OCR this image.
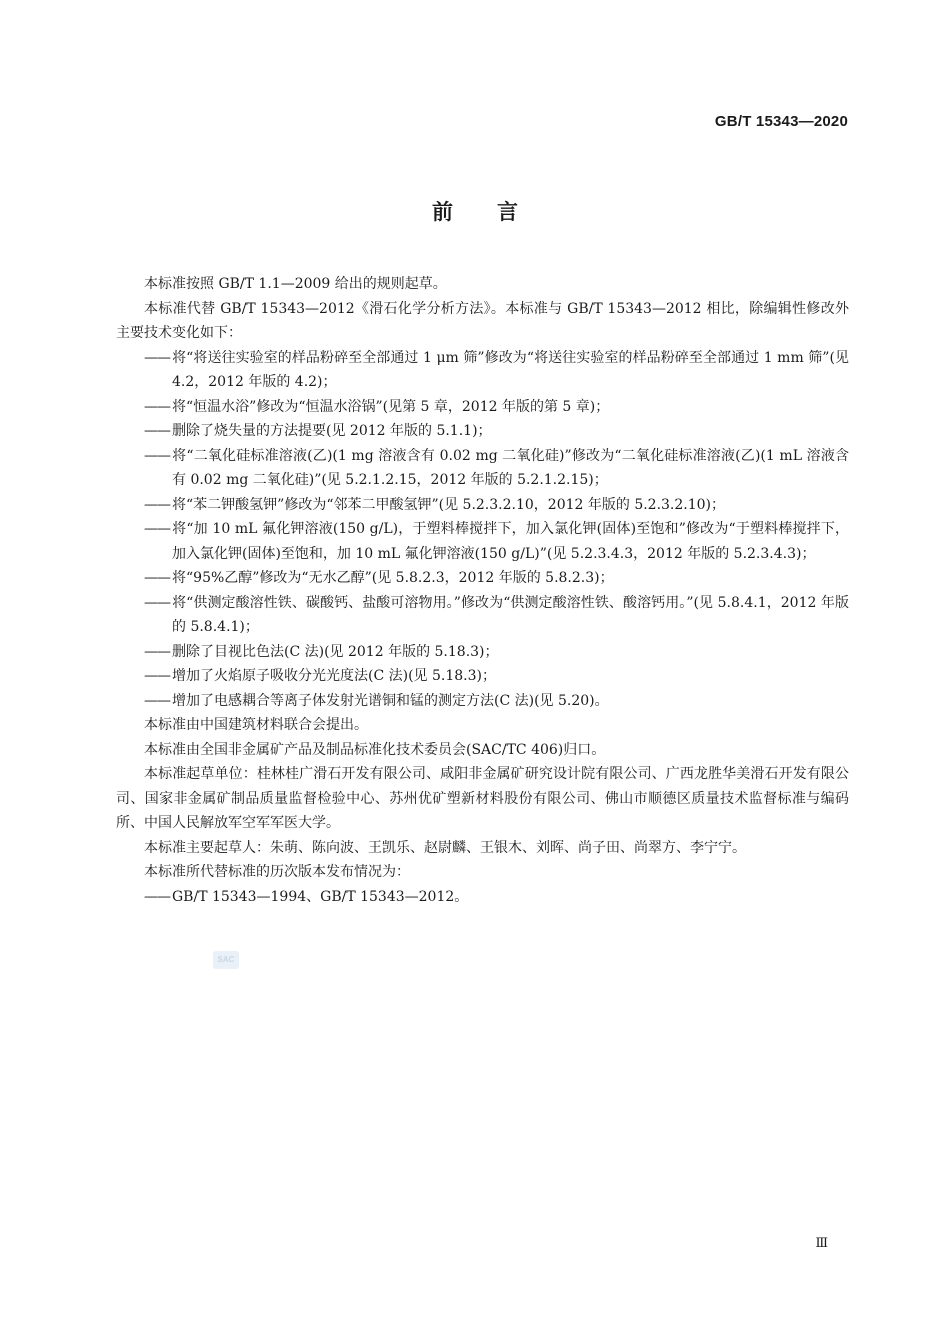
GB/T 15343—2020
前言

本标准按照 GB/T 1.1—2009 给出的规则起草。

本标准代替 GB/T 15343—2012《滑石化学分析方法》。本标准与 GB/T 15343—2012 相比，除编辑性修改外主要技术变化如下：

—— 将“将送往实验室的样品粉碎至全部通过 1 μm 筛”修改为“将送往实验室的样品粉碎至全部通过 1 mm 筛”(见 4.2，2012 年版的 4.2)；

—— 将“恒温水浴”修改为“恒温水浴锅”(见第 5 章，2012 年版的第 5 章)；

—— 删除了烧失量的方法提要(见 2012 年版的 5.1.1)；

—— 将“二氧化硅标准溶液(乙)(1 mg 溶液含有 0.02 mg 二氧化硅)”修改为“二氧化硅标准溶液(乙)(1 mL 溶液含有 0.02 mg 二氧化硅)”(见 5.2.1.2.15，2012 年版的 5.2.1.2.15)；

—— 将“苯二钾酸氢钾”修改为“邻苯二甲酸氢钾”(见 5.2.3.2.10，2012 年版的 5.2.3.2.10)；

—— 将“加 10 mL 氟化钾溶液(150 g/L)，于塑料棒搅拌下，加入氯化钾(固体)至饱和”修改为“于塑料棒搅拌下，加入氯化钾(固体)至饱和，加 10 mL 氟化钾溶液(150 g/L)”(见 5.2.3.4.3，2012 年版的 5.2.3.4.3)；

—— 将“95%乙醇”修改为“无水乙醇”(见 5.8.2.3，2012 年版的 5.8.2.3)；

—— 将“供测定酸溶性铁、碳酸钙、盐酸可溶物用。”修改为“供测定酸溶性铁、酸溶钙用。”(见 5.8.4.1，2012 年版的 5.8.4.1)；

—— 删除了目视比色法(C 法)(见 2012 年版的 5.18.3)；

—— 增加了火焰原子吸收分光光度法(C 法)(见 5.18.3)；

—— 增加了电感耦合等离子体发射光谱铜和锰的测定方法(C 法)(见 5.20)。

本标准由中国建筑材料联合会提出。

本标准由全国非金属矿产品及制品标准化技术委员会(SAC/TC 406)归口。

本标准起草单位：桂林桂广滑石开发有限公司、咸阳非金属矿研究设计院有限公司、广西龙胜华美滑石开发有限公司、国家非金属矿制品质量监督检验中心、苏州优矿塑新材料股份有限公司、佛山市顺德区质量技术监督标准与编码所、中国人民解放军空军军医大学。

本标准主要起草人：朱萌、陈向波、王凯乐、赵尉麟、王银木、刘晖、尚子田、尚翠方、李宁宁。

本标准所代替标准的历次版本发布情况为：

—— GB/T 15343—1994、GB/T 15343—2012。

SAC
Ⅲ
